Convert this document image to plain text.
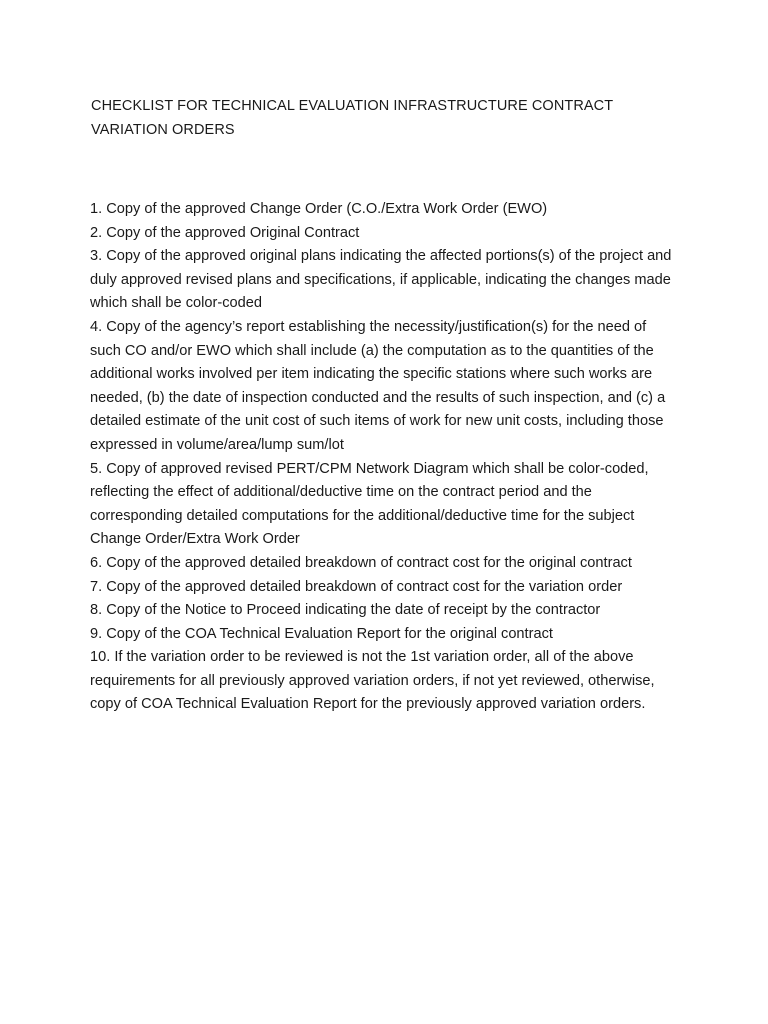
CHECKLIST FOR TECHNICAL EVALUATION INFRASTRUCTURE CONTRACT
VARIATION ORDERS
1. Copy of the approved Change Order (C.O./Extra Work Order (EWO)
2. Copy of the approved Original Contract
3. Copy of the approved original plans indicating the affected portions(s) of the project and duly approved revised plans and specifications, if applicable, indicating the changes made which shall be color-coded
4. Copy of the agency’s report establishing the necessity/justification(s) for the need of such CO and/or EWO which shall include (a) the computation as to the quantities of the additional works involved per item indicating the specific stations where such works are needed, (b) the date of inspection conducted and the results of such inspection, and (c) a detailed estimate of the unit cost of such items of work for new unit costs, including those expressed in volume/area/lump sum/lot
5. Copy of approved revised PERT/CPM Network Diagram which shall be color-coded, reflecting the effect of additional/deductive time on the contract period and the corresponding detailed computations for the additional/deductive time for the subject Change Order/Extra Work Order
6. Copy of the approved detailed breakdown of contract cost for the original contract
7. Copy of the approved detailed breakdown of contract cost for the variation order
8. Copy of the Notice to Proceed indicating the date of receipt by the contractor
9. Copy of the COA Technical Evaluation Report for the original contract
10. If the variation order to be reviewed is not the 1st variation order, all of the above requirements for all previously approved variation orders, if not yet reviewed, otherwise, copy of COA Technical Evaluation Report for the previously approved variation orders.
